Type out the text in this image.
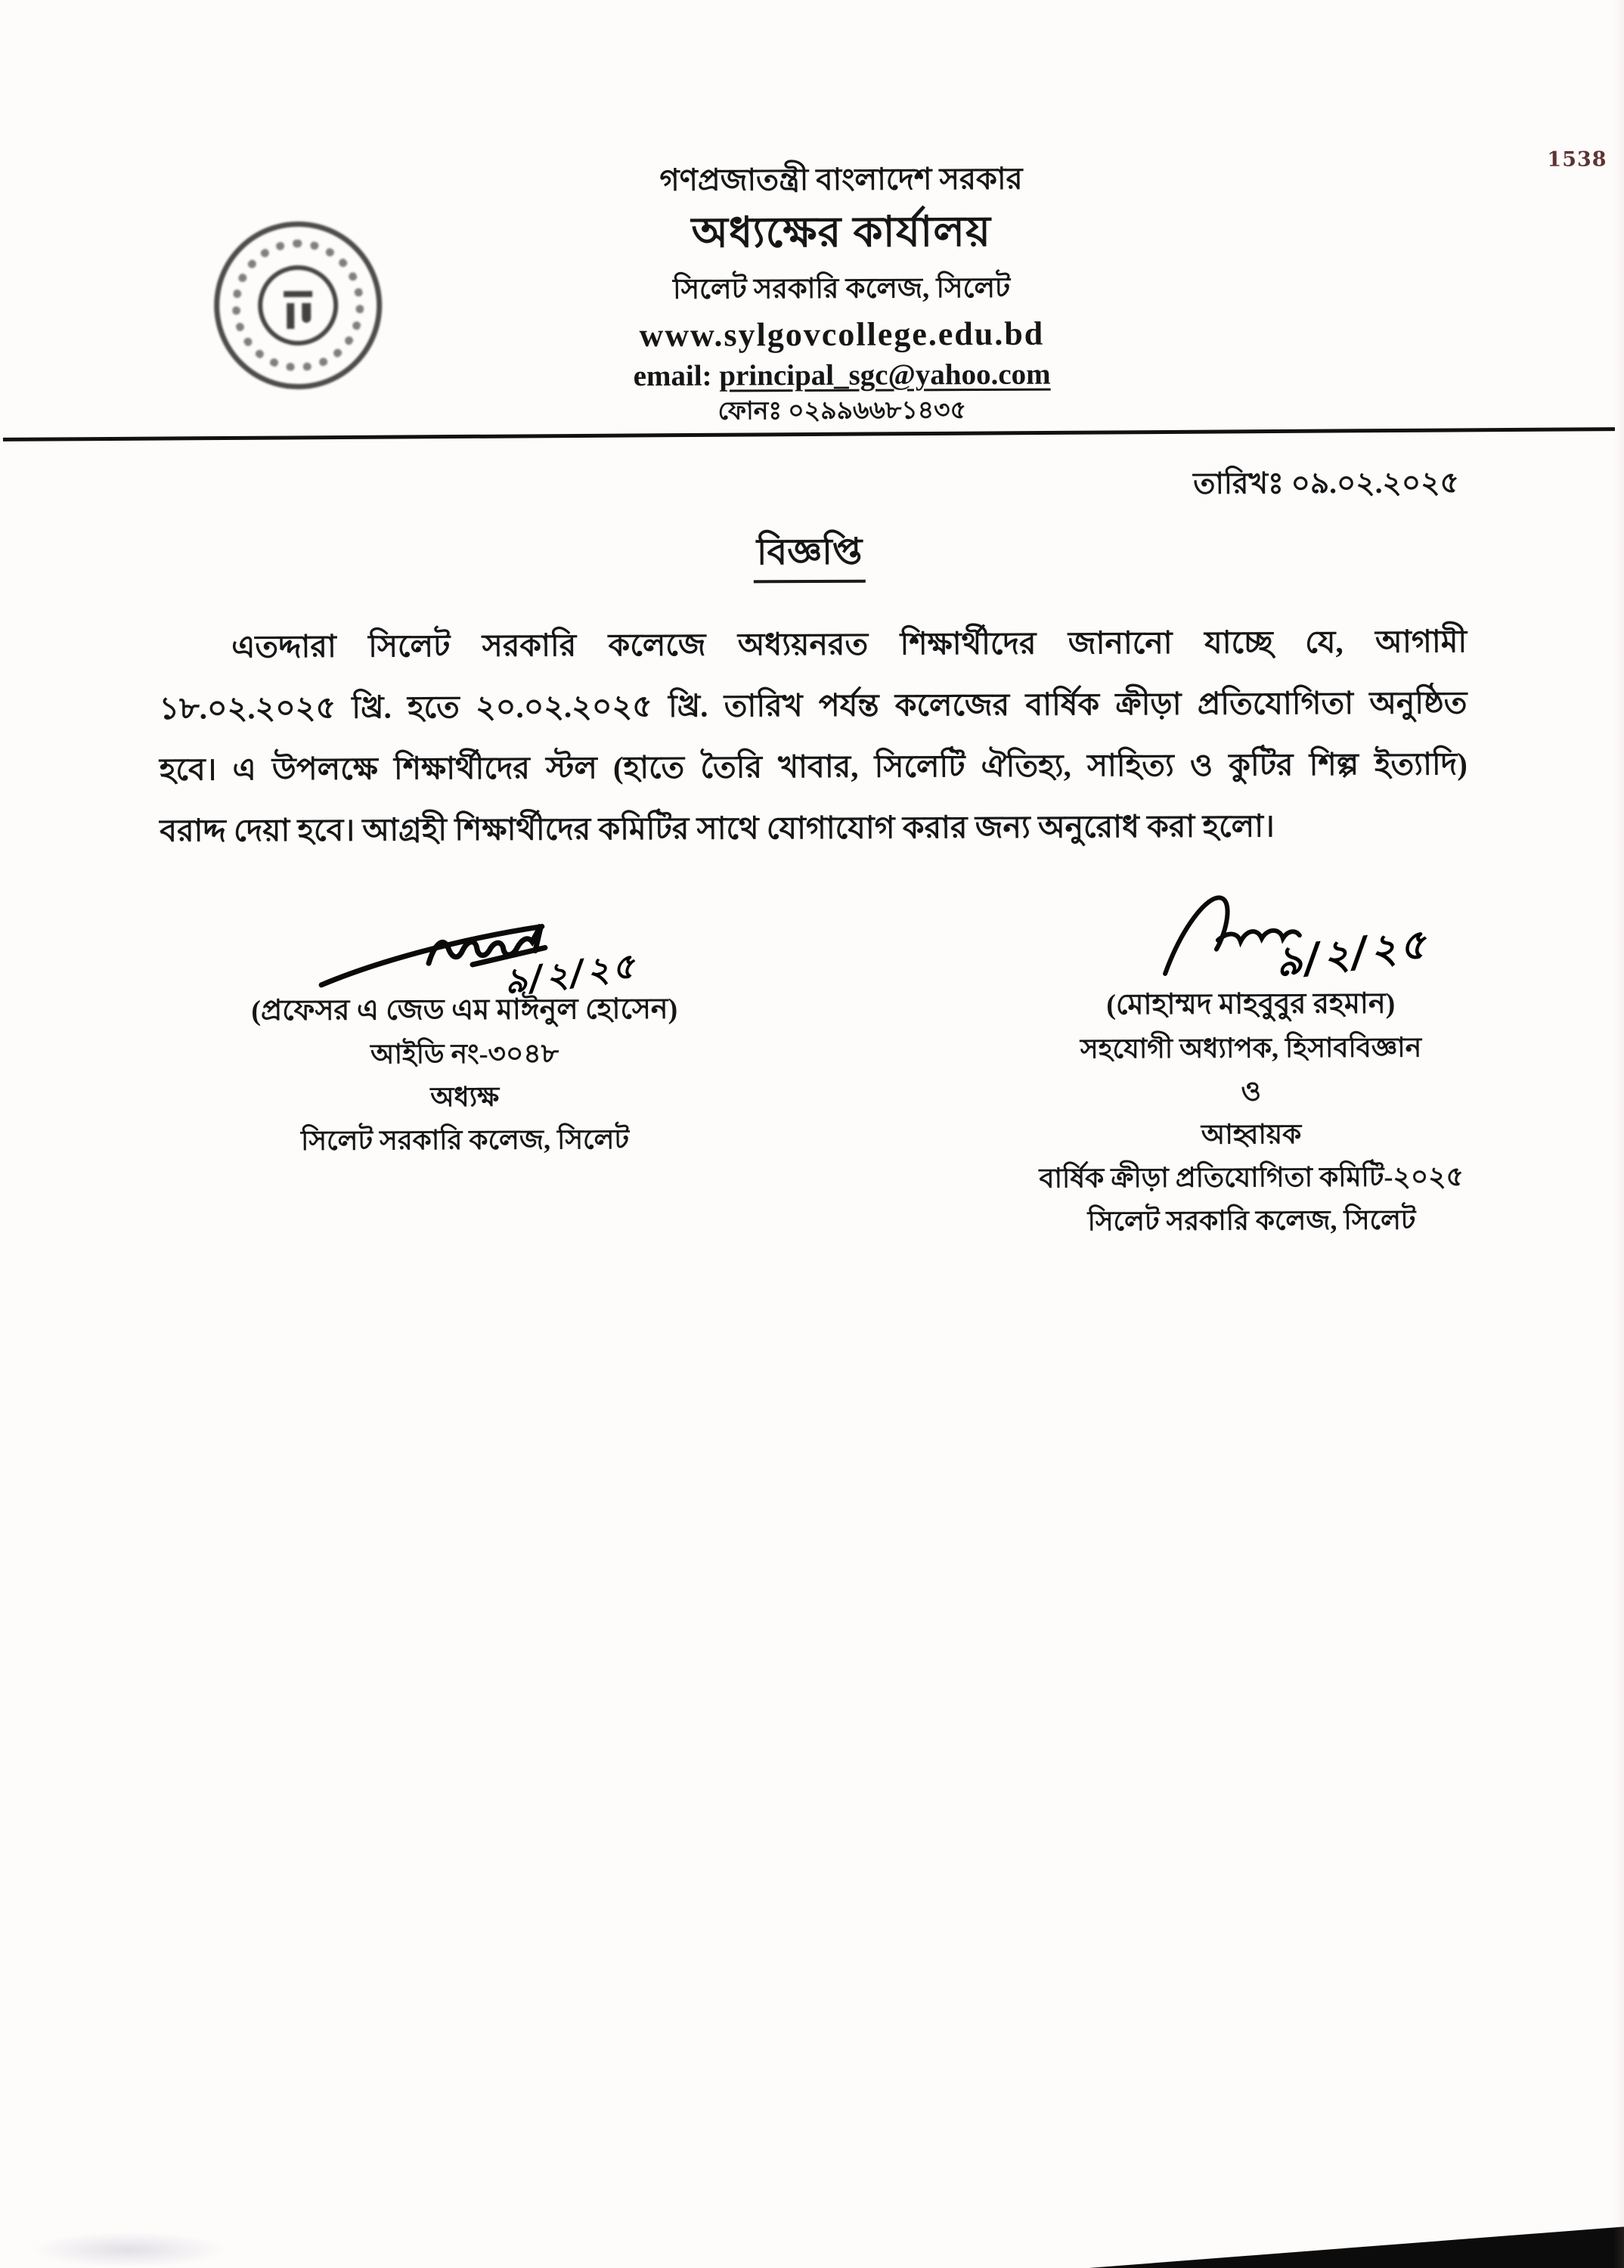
1538
গণপ্রজাতন্ত্রী বাংলাদেশ সরকার
অধ্যক্ষের কার্যালয়
সিলেট সরকারি কলেজ, সিলেট
www.sylgovcollege.edu.bd
email: principal_sgc@yahoo.com
ফোনঃ ০২৯৯৬৬৮১৪৩৫
তারিখঃ ০৯.০২.২০২৫
বিজ্ঞপ্তি
এতদ্দারা সিলেট সরকারি কলেজে অধ্যয়নরত শিক্ষার্থীদের জানানো যাচ্ছে যে, আগামী
১৮.০২.২০২৫ খ্রি. হতে ২০.০২.২০২৫ খ্রি. তারিখ পর্যন্ত কলেজের বার্ষিক ক্রীড়া প্রতিযোগিতা অনুষ্ঠিত
হবে। এ উপলক্ষে শিক্ষার্থীদের স্টল (হাতে তৈরি খাবার, সিলেটি ঐতিহ্য, সাহিত্য ও কুটির শিল্প ইত্যাদি)
বরাদ্দ দেয়া হবে। আগ্রহী শিক্ষার্থীদের কমিটির সাথে যোগাযোগ করার জন্য অনুরোধ করা হলো।
৯/২/২৫	৯/২/২৫
(প্রফেসর এ জেড এম মাঈনুল হোসেন)
আইডি নং-৩০৪৮
অধ্যক্ষ
সিলেট সরকারি কলেজ, সিলেট
(মোহাম্মদ মাহবুবুর রহমান)
সহযোগী অধ্যাপক, হিসাববিজ্ঞান
ও
আহ্বায়ক
বার্ষিক ক্রীড়া প্রতিযোগিতা কমিটি-২০২৫
সিলেট সরকারি কলেজ, সিলেট
